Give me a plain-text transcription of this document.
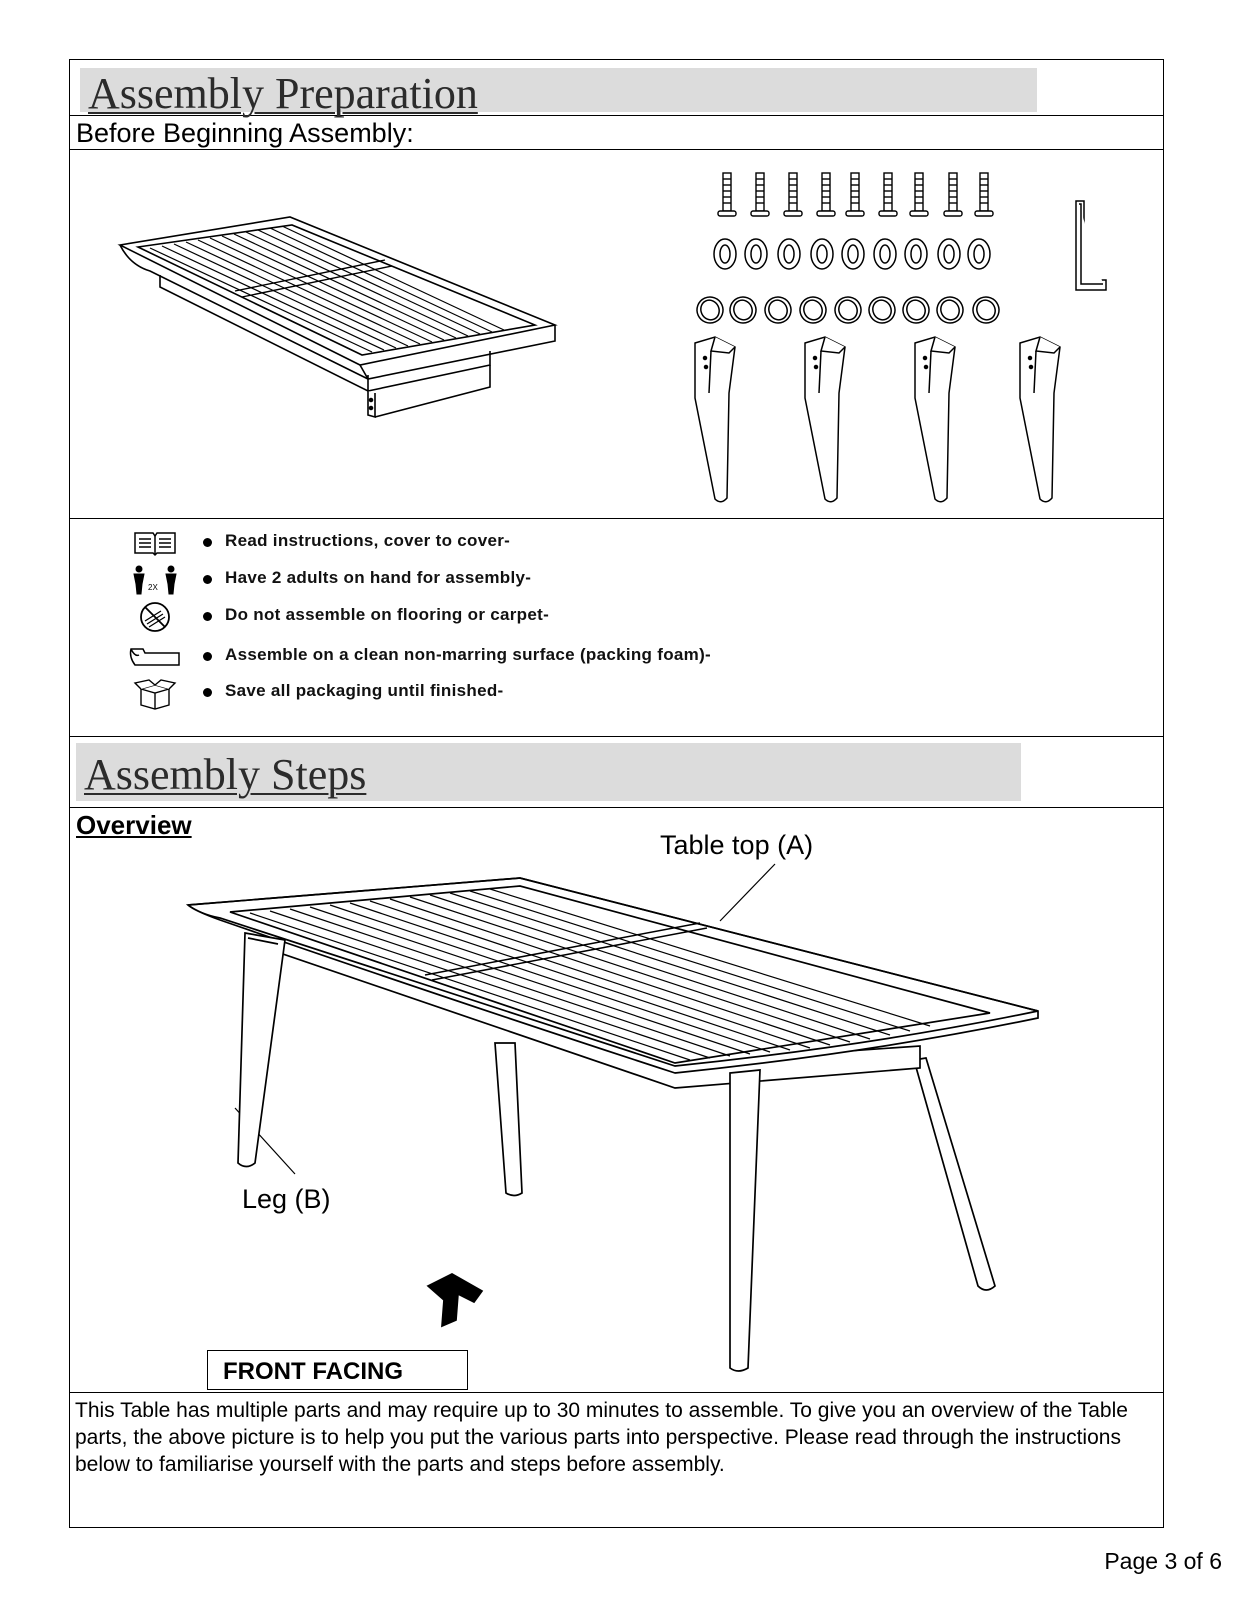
Assembly Preparation
Before Beginning Assembly:
Read instructions, cover to cover-
2X
Have 2 adults on hand for assembly-
Do not assemble on flooring or carpet-
Assemble on a clean non-marring surface (packing foam)-
Save all packaging until finished-
Assembly Steps
Overview
Table top (A)
Leg (B)
FRONT FACING
This Table has multiple parts and may require up to 30 minutes to assemble. To give you an overview of the Table parts, the above picture is to help you put the various parts into perspective. Please read through the instructions below to familiarise yourself with the parts and steps before assembly.
Page 3 of 6
